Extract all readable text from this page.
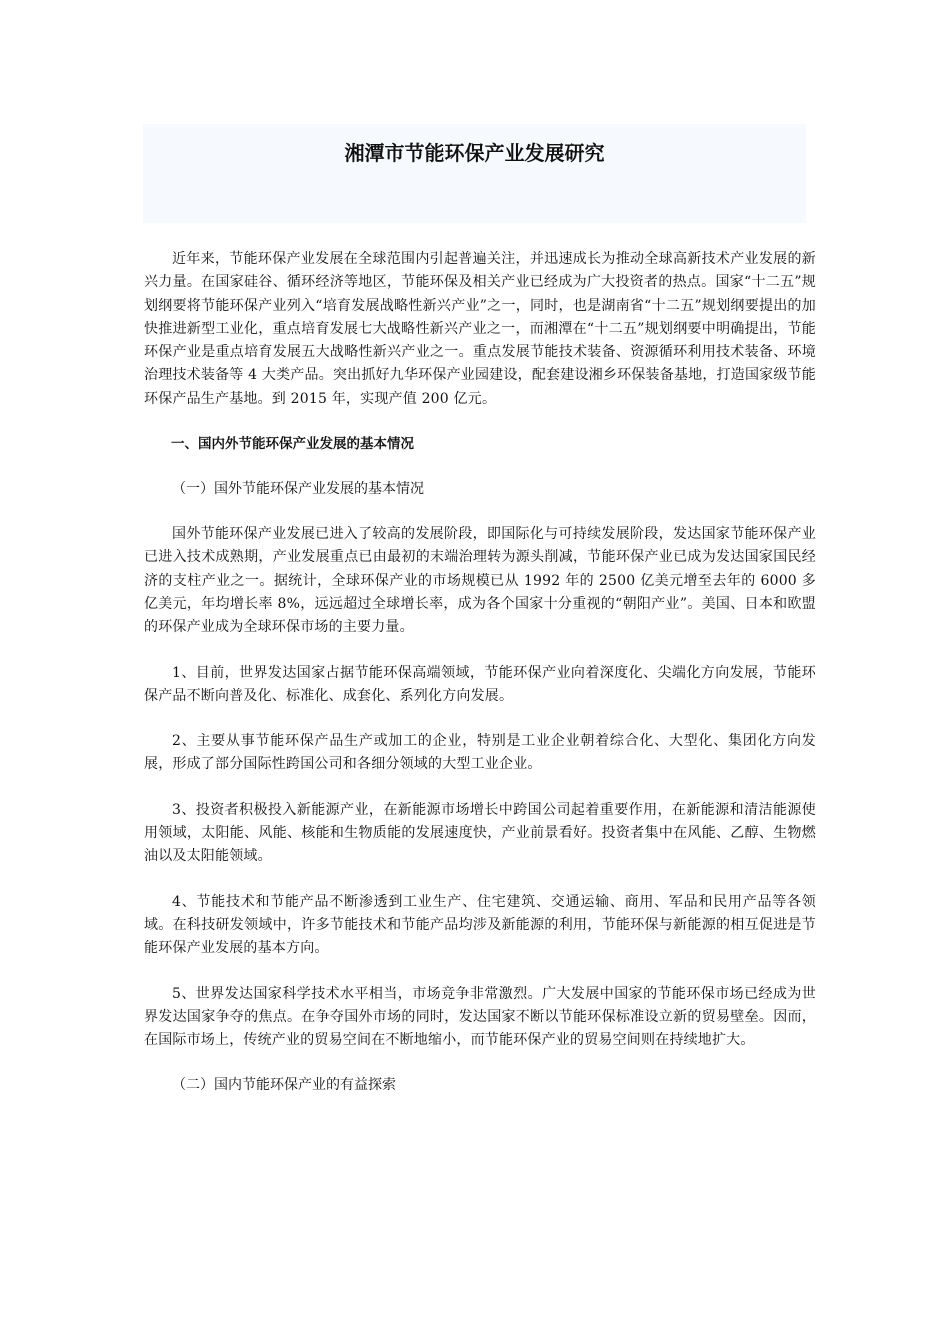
湘潭市节能环保产业发展研究

近年来，节能环保产业发展在全球范围内引起普遍关注，并迅速成长为推动全球高新技术产业发展的新兴力量。在国家硅谷、循环经济等地区，节能环保及相关产业已经成为广大投资者的热点。国家“十二五”规划纲要将节能环保产业列入“培育发展战略性新兴产业”之一，同时，也是湖南省“十二五”规划纲要提出的加快推进新型工业化，重点培育发展七大战略性新兴产业之一，而湘潭在“十二五”规划纲要中明确提出，节能环保产业是重点培育发展五大战略性新兴产业之一。重点发展节能技术装备、资源循环利用技术装备、环境治理技术装备等 4 大类产品。突出抓好九华环保产业园建设，配套建设湘乡环保装备基地，打造国家级节能环保产品生产基地。到 2015 年，实现产值 200 亿元。

一、国内外节能环保产业发展的基本情况

（一）国外节能环保产业发展的基本情况

国外节能环保产业发展已进入了较高的发展阶段，即国际化与可持续发展阶段，发达国家节能环保产业已进入技术成熟期，产业发展重点已由最初的末端治理转为源头削减，节能环保产业已成为发达国家国民经济的支柱产业之一。据统计，全球环保产业的市场规模已从 1992 年的 2500 亿美元增至去年的 6000 多亿美元，年均增长率 8%，远远超过全球增长率，成为各个国家十分重视的“朝阳产业”。美国、日本和欧盟的环保产业成为全球环保市场的主要力量。

1、目前，世界发达国家占据节能环保高端领域，节能环保产业向着深度化、尖端化方向发展，节能环保产品不断向普及化、标准化、成套化、系列化方向发展。

2、主要从事节能环保产品生产或加工的企业，特别是工业企业朝着综合化、大型化、集团化方向发展，形成了部分国际性跨国公司和各细分领域的大型工业企业。

3、投资者积极投入新能源产业，在新能源市场增长中跨国公司起着重要作用，在新能源和清洁能源使用领域，太阳能、风能、核能和生物质能的发展速度快，产业前景看好。投资者集中在风能、乙醇、生物燃油以及太阳能领域。

4、节能技术和节能产品不断渗透到工业生产、住宅建筑、交通运输、商用、军品和民用产品等各领域。在科技研发领域中，许多节能技术和节能产品均涉及新能源的利用，节能环保与新能源的相互促进是节能环保产业发展的基本方向。

5、世界发达国家科学技术水平相当，市场竞争非常激烈。广大发展中国家的节能环保市场已经成为世界发达国家争夺的焦点。在争夺国外市场的同时，发达国家不断以节能环保标准设立新的贸易壁垒。因而，在国际市场上，传统产业的贸易空间在不断地缩小，而节能环保产业的贸易空间则在持续地扩大。

（二）国内节能环保产业的有益探索
